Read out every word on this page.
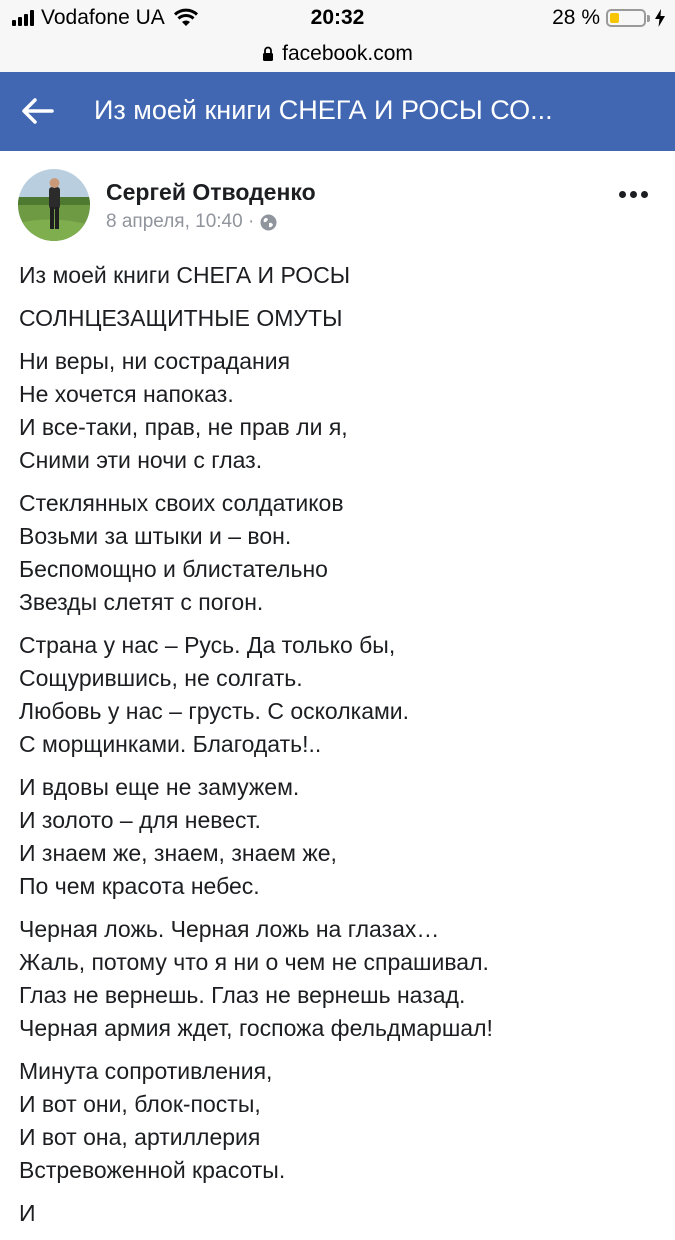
Vodafone UA	20:32	28 %
facebook.com
Из моей книги СНЕГА И РОСЫ СО...
Сергей Отводенко
8 апреля, 10:40 ·

Из моей книги СНЕГА И РОСЫ

СОЛНЦЕЗАЩИТНЫЕ ОМУТЫ

Ни веры, ни сострадания
Не хочется напоказ.
И все-таки, прав, не прав ли я,
Сними эти ночи с глаз.
Стеклянных своих солдатиков
Возьми за штыки и – вон.
Беспомощно и блистательно
Звезды слетят с погон.
Страна у нас – Русь. Да только бы,
Сощурившись, не солгать.
Любовь у нас – грусть. С осколками.
С морщинками. Благодать!..
И вдовы еще не замужем.
И золото – для невест.
И знаем же, знаем, знаем же,
По чем красота небес.
Черная ложь. Черная ложь на глазах…
Жаль, потому что я ни о чем не спрашивал.
Глаз не вернешь. Глаз не вернешь назад.
Черная армия ждет, госпожа фельдмаршал!
Минута сопротивления,
И вот они, блок-посты,
И вот она, артиллерия
Встревоженной красоты.
И
